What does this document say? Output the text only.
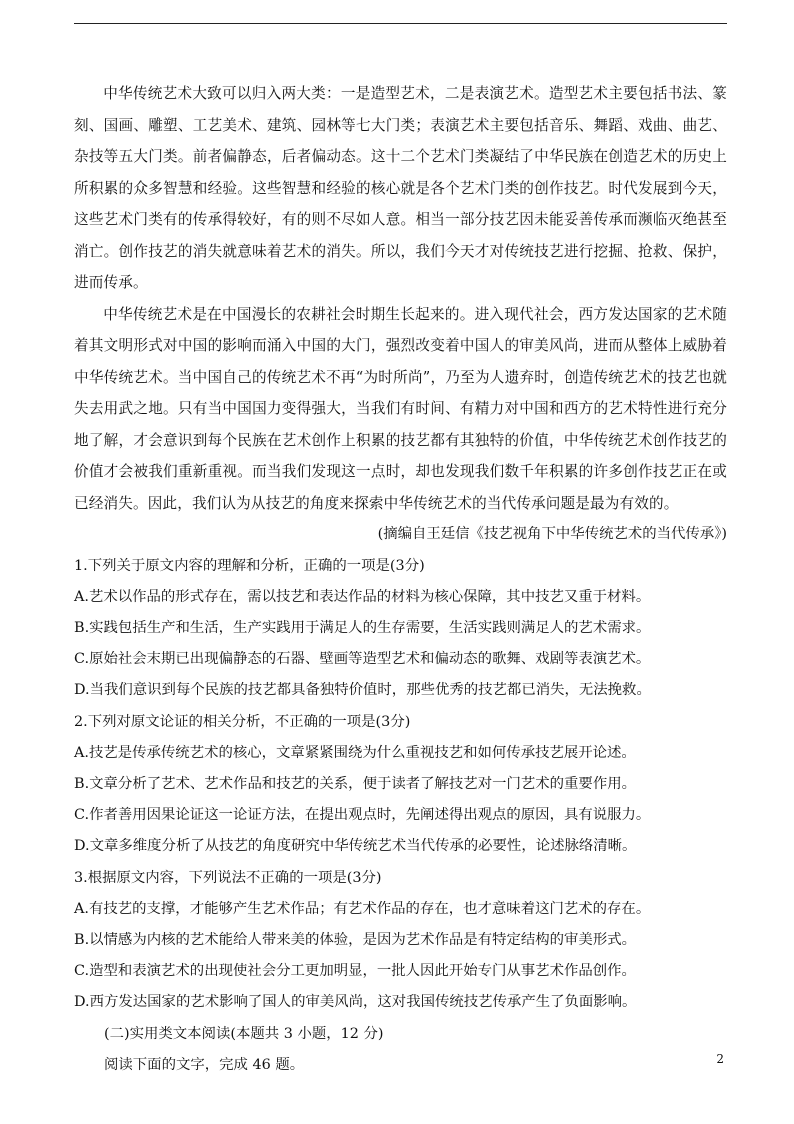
中华传统艺术大致可以归入两大类：一是造型艺术，二是表演艺术。造型艺术主要包括书法、篆刻、国画、雕塑、工艺美术、建筑、园林等七大门类；表演艺术主要包括音乐、舞蹈、戏曲、曲艺、杂技等五大门类。前者偏静态，后者偏动态。这十二个艺术门类凝结了中华民族在创造艺术的历史上所积累的众多智慧和经验。这些智慧和经验的核心就是各个艺术门类的创作技艺。时代发展到今天，这些艺术门类有的传承得较好，有的则不尽如人意。相当一部分技艺因未能妥善传承而濒临灭绝甚至消亡。创作技艺的消失就意味着艺术的消失。所以，我们今天才对传统技艺进行挖掘、抢救、保护，进而传承。

中华传统艺术是在中国漫长的农耕社会时期生长起来的。进入现代社会，西方发达国家的艺术随着其文明形式对中国的影响而涌入中国的大门，强烈改变着中国人的审美风尚，进而从整体上威胁着中华传统艺术。当中国自己的传统艺术不再“为时所尚”，乃至为人遗弃时，创造传统艺术的技艺也就失去用武之地。只有当中国国力变得强大，当我们有时间、有精力对中国和西方的艺术特性进行充分地了解，才会意识到每个民族在艺术创作上积累的技艺都有其独特的价值，中华传统艺术创作技艺的价值才会被我们重新重视。而当我们发现这一点时，却也发现我们数千年积累的许多创作技艺正在或已经消失。因此，我们认为从技艺的角度来探索中华传统艺术的当代传承问题是最为有效的。

(摘编自王廷信《技艺视角下中华传统艺术的当代传承》)

1.下列关于原文内容的理解和分析，正确的一项是(3分)

A.艺术以作品的形式存在，需以技艺和表达作品的材料为核心保障，其中技艺又重于材料。

B.实践包括生产和生活，生产实践用于满足人的生存需要，生活实践则满足人的艺术需求。

C.原始社会末期已出现偏静态的石器、壁画等造型艺术和偏动态的歌舞、戏剧等表演艺术。

D.当我们意识到每个民族的技艺都具备独特价值时，那些优秀的技艺都已消失，无法挽救。

2.下列对原文论证的相关分析，不正确的一项是(3分)

A.技艺是传承传统艺术的核心，文章紧紧围绕为什么重视技艺和如何传承技艺展开论述。

B.文章分析了艺术、艺术作品和技艺的关系，便于读者了解技艺对一门艺术的重要作用。

C.作者善用因果论证这一论证方法，在提出观点时，先阐述得出观点的原因，具有说服力。

D.文章多维度分析了从技艺的角度研究中华传统艺术当代传承的必要性，论述脉络清晰。

3.根据原文内容，下列说法不正确的一项是(3分)

A.有技艺的支撑，才能够产生艺术作品；有艺术作品的存在，也才意味着这门艺术的存在。

B.以情感为内核的艺术能给人带来美的体验，是因为艺术作品是有特定结构的审美形式。

C.造型和表演艺术的出现使社会分工更加明显，一批人因此开始专门从事艺术作品创作。

D.西方发达国家的艺术影响了国人的审美风尚，这对我国传统技艺传承产生了负面影响。

(二)实用类文本阅读(本题共 3 小题，12 分)

阅读下面的文字，完成 46 题。	2
